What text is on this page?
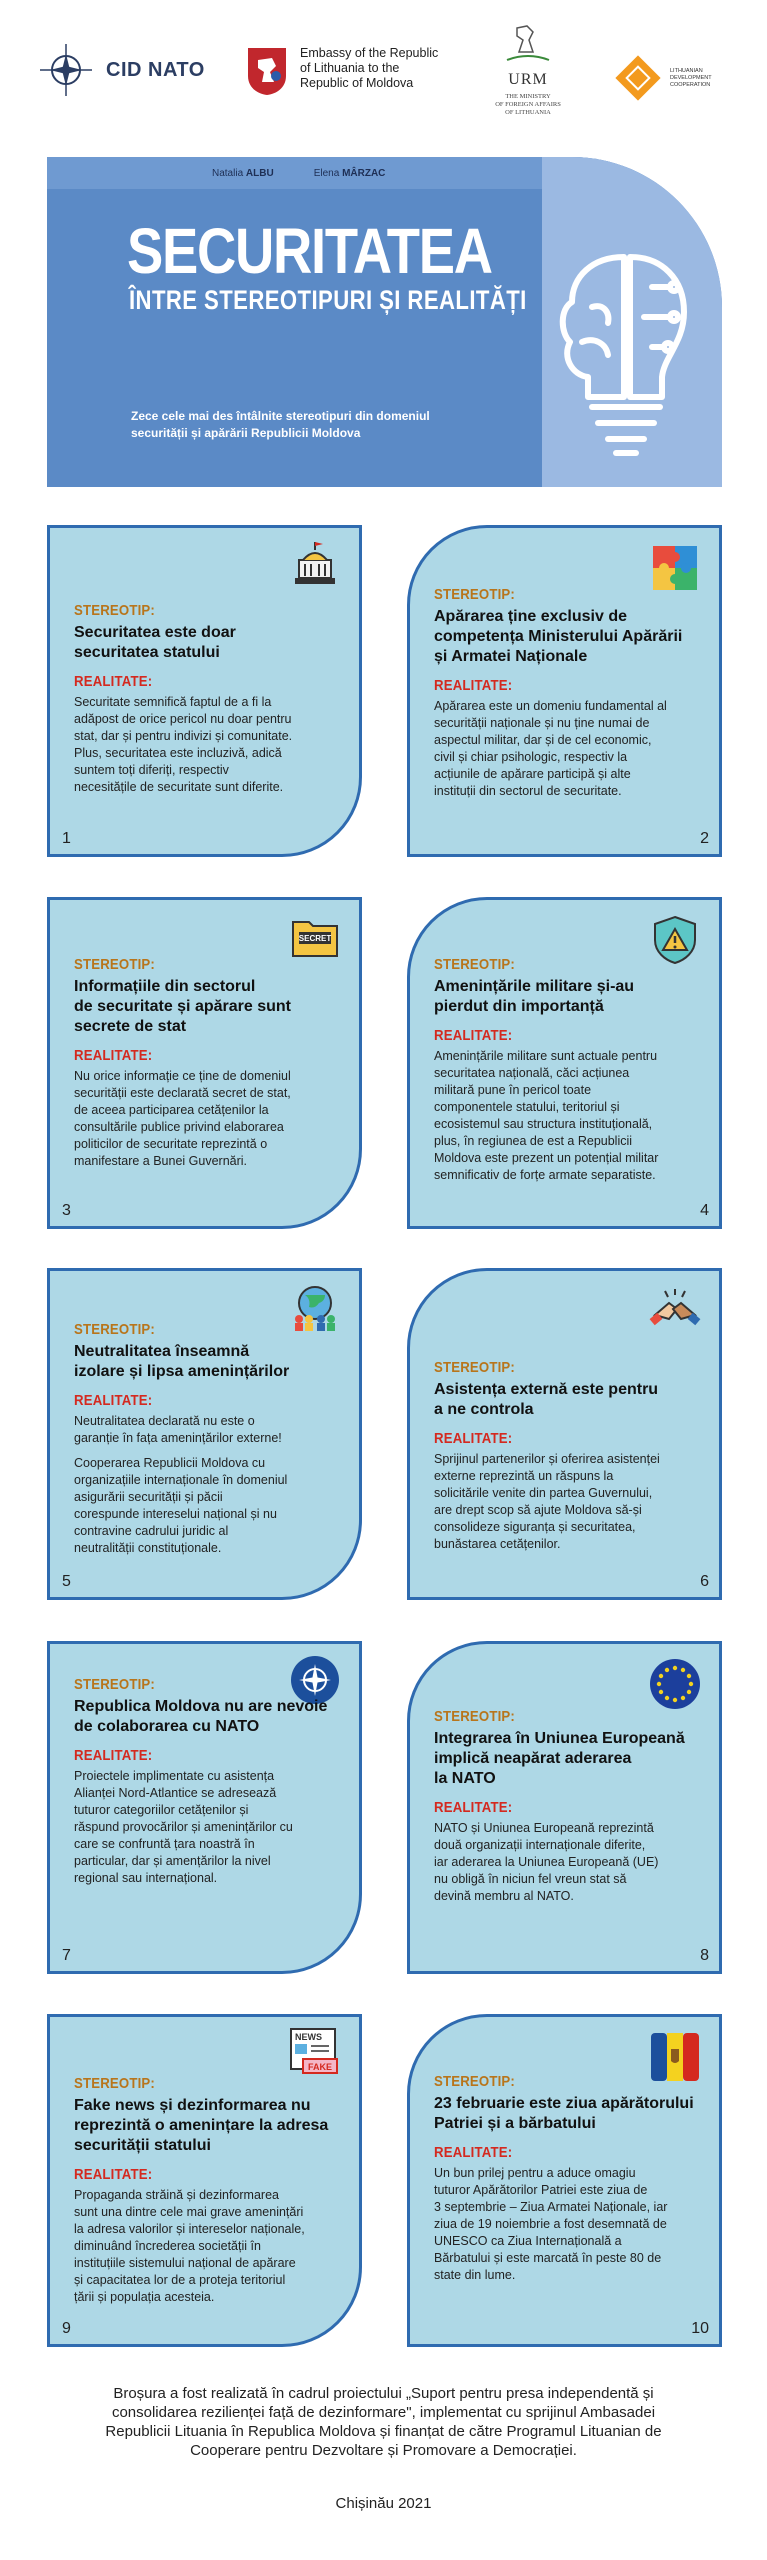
CID NATO
Embassy of the Republic
of Lithuania to the
Republic of Moldova	URM
THE MINISTRY
OF FOREIGN AFFAIRS
OF LITHUANIA
LITHUANIAN
DEVELOPMENT
COOPERATION
Natalia ALBU	Elena MÂRZAC
SECURITATEA
ÎNTRE STEREOTIPURI ȘI REALITĂȚI
Zece cele mai des întâlnite stereotipuri din domeniul
securității și apărării Republicii Moldova
STEREOTIP:
Securitatea este doar
securitatea statului
REALITATE:
Securitate semnifică faptul de a fi la
adăpost de orice pericol nu doar pentru
stat, dar și pentru indivizi și comunitate.
Plus, securitatea este incluzivă, adică
suntem toți diferiți, respectiv
necesitățile de securitate sunt diferite.
1
STEREOTIP:
Apărarea ține exclusiv de
competența Ministerului Apărării
și Armatei Naționale
REALITATE:
Apărarea este un domeniu fundamental al
securității naționale și nu ține numai de
aspectul militar, dar și de cel economic,
civil și chiar psihologic, respectiv la
acțiunile de apărare participă și alte
instituții din sectorul de securitate.
2
SECRET
STEREOTIP:
Informațiile din sectorul
de securitate și apărare sunt
secrete de stat
REALITATE:
Nu orice informație ce ține de domeniul
securității este declarată secret de stat,
de aceea participarea cetățenilor la
consultările publice privind elaborarea
politicilor de securitate reprezintă o
manifestare a Bunei Guvernări.
3
STEREOTIP:
Amenințările militare și-au
pierdut din importanță
REALITATE:
Amenințările militare sunt actuale pentru
securitatea națională, căci acțiunea
militară pune în pericol toate
componentele statului, teritoriul și
ecosistemul sau structura instituțională,
plus, în regiunea de est a Republicii
Moldova este prezent un potențial militar
semnificativ de forțe armate separatiste.
4
STEREOTIP:
Neutralitatea înseamnă
izolare și lipsa amenințărilor
REALITATE:
Neutralitatea declarată nu este o
garanție în fața amenințărilor externe!
Cooperarea Republicii Moldova cu
organizațiile internaționale în domeniul
asigurării securității și păcii
corespunde intereselui național și nu
contravine cadrului juridic al
neutralității constituționale.
5
STEREOTIP:
Asistența externă este pentru
a ne controla
REALITATE:
Sprijinul partenerilor și oferirea asistenței
externe reprezintă un răspuns la
solicitările venite din partea Guvernului,
are drept scop să ajute Moldova să-și
consolideze siguranța și securitatea,
bunăstarea cetățenilor.
6
STEREOTIP:
Republica Moldova nu are nevoie
de colaborarea cu NATO
REALITATE:
Proiectele implimentate cu asistența
Alianței Nord-Atlantice se adresează
tuturor categoriilor cetățenilor și
răspund provocărilor și amenințărilor cu
care se confruntă țara noastră în
particular, dar și amențărilor la nivel
regional sau internațional.
7
STEREOTIP:
Integrarea în Uniunea Europeană
implică neapărat aderarea
la NATO
REALITATE:
NATO și Uniunea Europeană reprezintă
două organizații internaționale diferite,
iar aderarea la Uniunea Europeană (UE)
nu obligă în niciun fel vreun stat să
devină membru al NATO.
8
NEWS
FAKE
STEREOTIP:
Fake news și dezinformarea nu
reprezintă o amenințare la adresa
securității statului
REALITATE:
Propaganda străină și dezinformarea
sunt una dintre cele mai grave amenințări
la adresa valorilor și intereselor naționale,
diminuând încrederea societății în
instituțiile sistemului național de apărare
și capacitatea lor de a proteja teritoriul
țării și populația acesteia.
9
STEREOTIP:
23 februarie este ziua apărătorului
Patriei și a bărbatului
REALITATE:
Un bun prilej pentru a aduce omagiu
tuturor Apărătorilor Patriei este ziua de
3 septembrie – Ziua Armatei Naționale, iar
ziua de 19 noiembrie a fost desemnată de
UNESCO ca Ziua Internațională a
Bărbatului și este marcată în peste 80 de
state din lume.
10
Broșura a fost realizată în cadrul proiectului „Suport pentru presa independentă și
consolidarea rezilienței față de dezinformare", implementat cu sprijinul Ambasadei
Republicii Lituania în Republica Moldova și finanțat de către Programul Lituanian de
Cooperare pentru Dezvoltare și Promovare a Democrației.
Chișinău 2021
